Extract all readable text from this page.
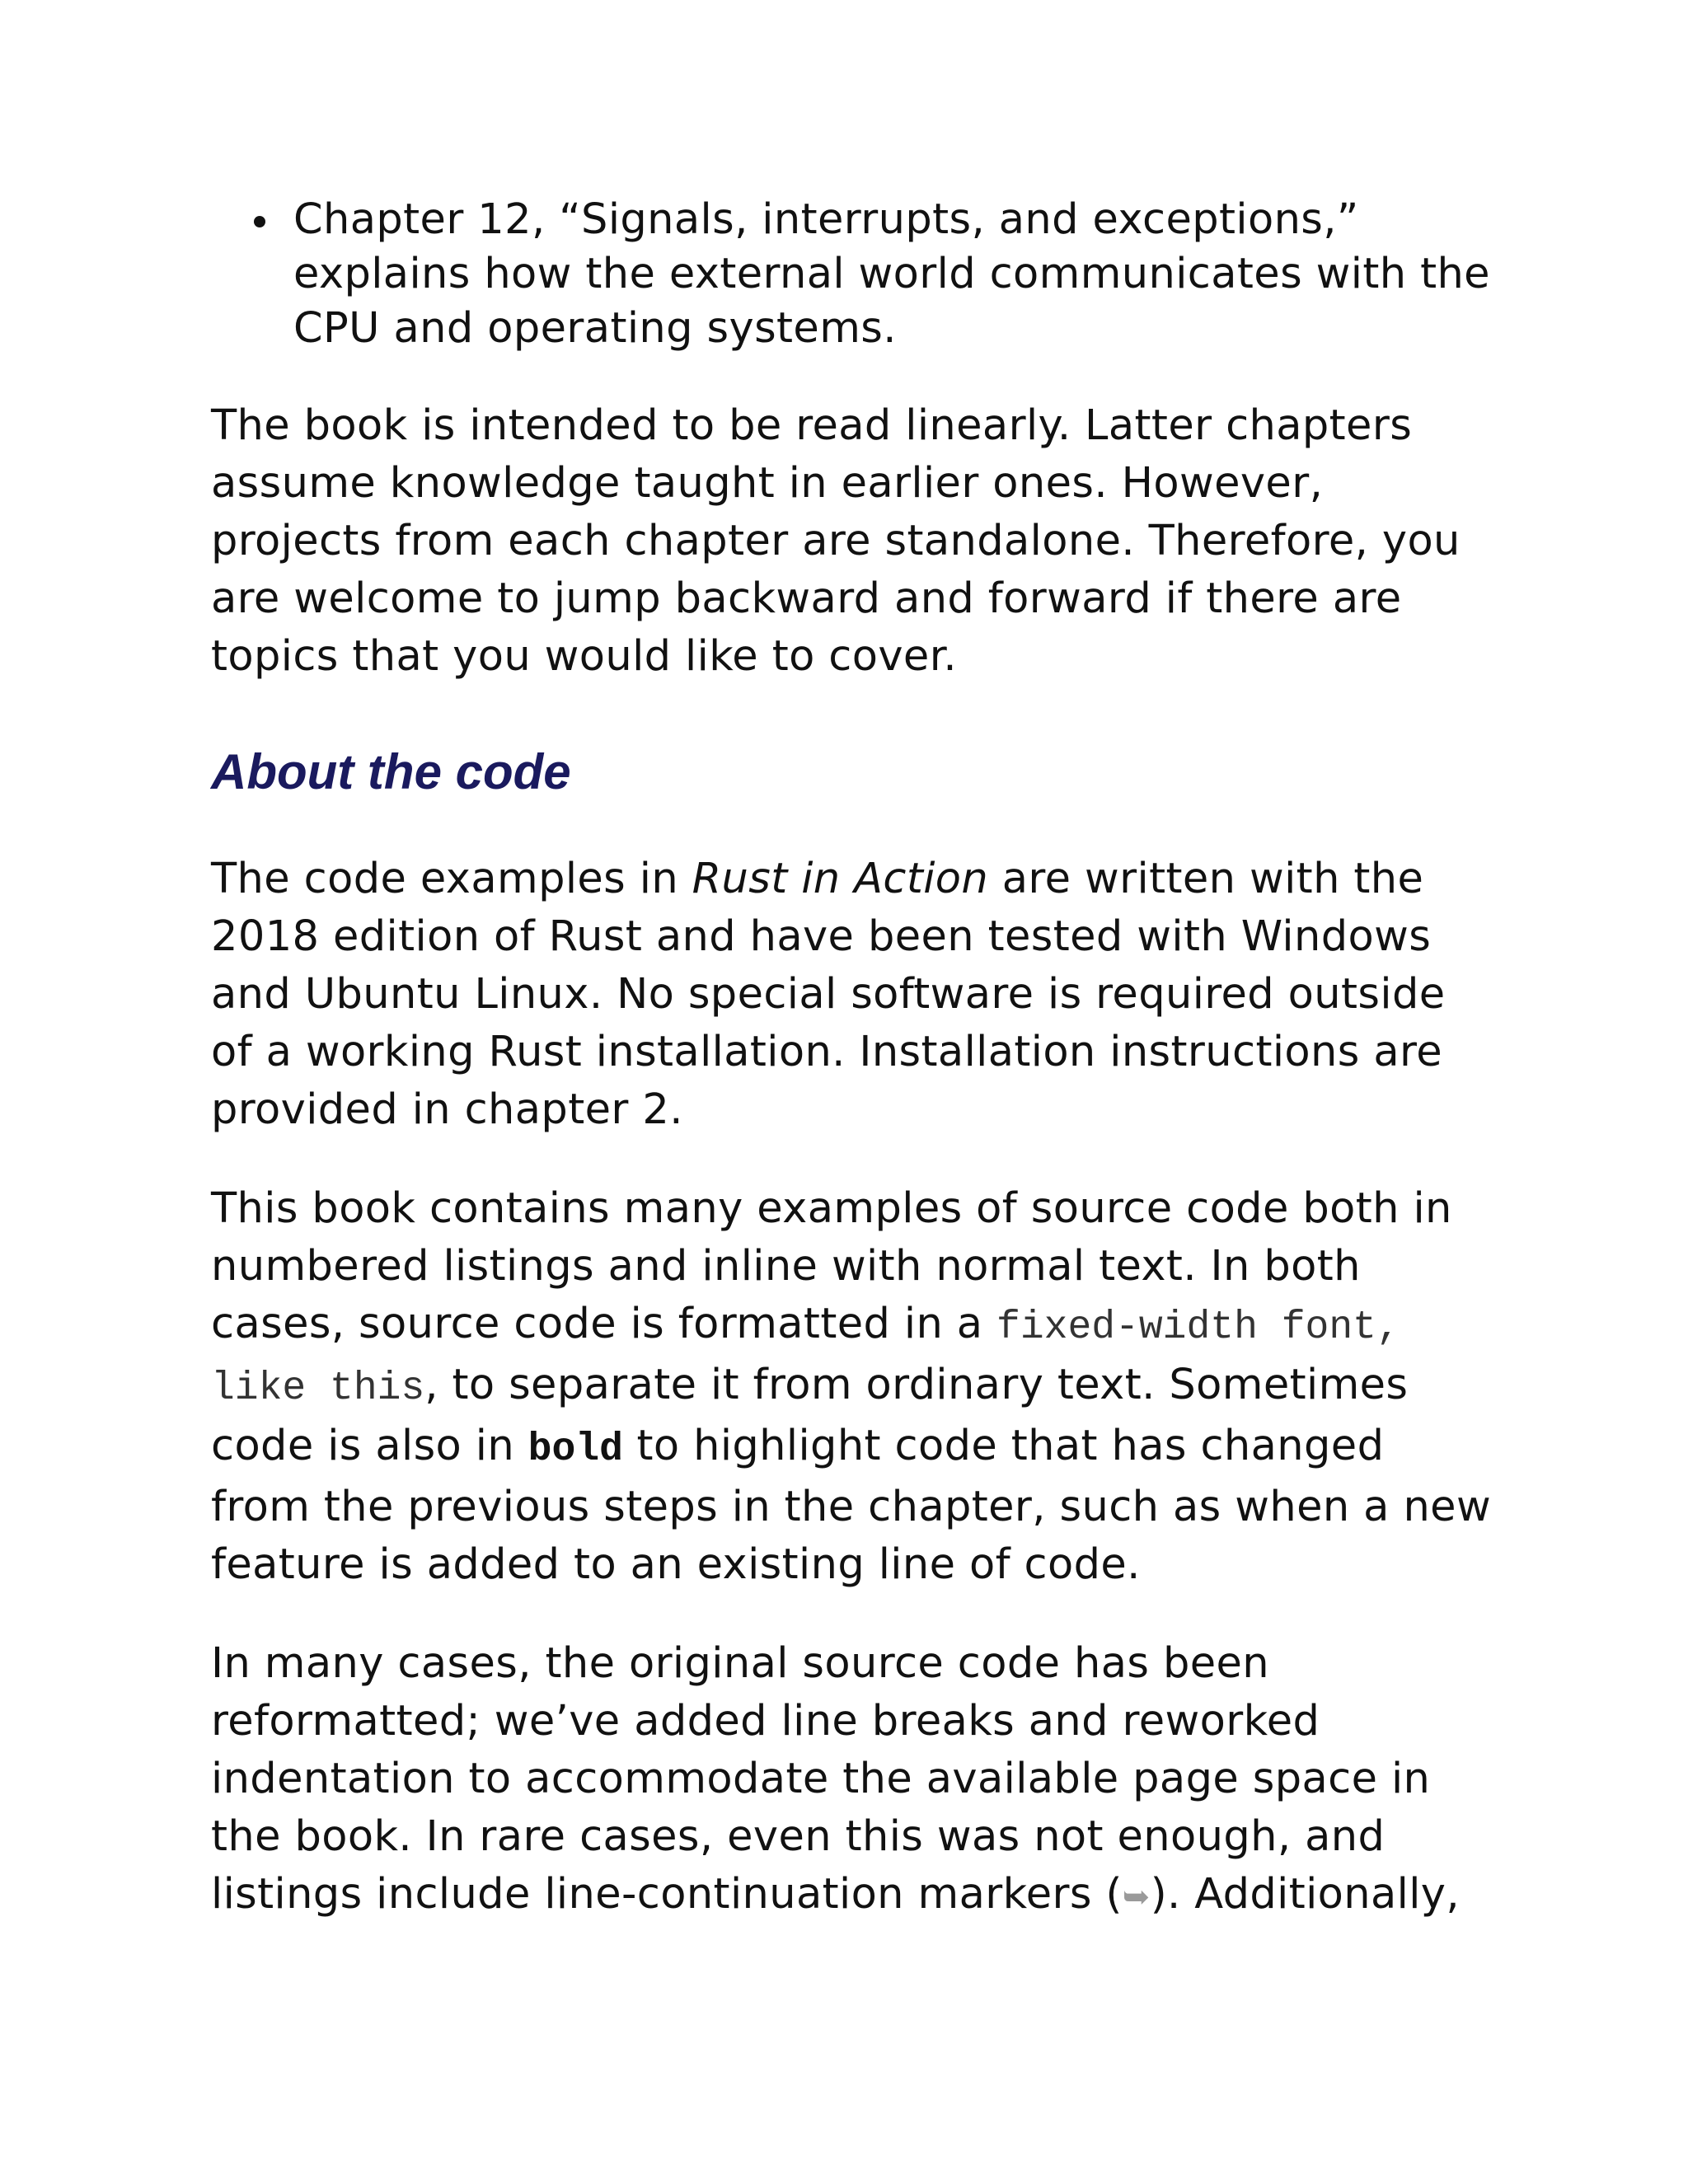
Chapter 12, “Signals, interrupts, and exceptions,” explains how the external world communicates with the CPU and operating systems.

The book is intended to be read linearly. Latter chapters assume knowledge taught in earlier ones. However, projects from each chapter are standalone. Therefore, you are welcome to jump backward and forward if there are topics that you would like to cover.

About the code

The code examples in Rust in Action are written with the 2018 edition of Rust and have been tested with Windows and Ubuntu Linux. No special software is required outside of a working Rust installation. Installation instructions are provided in chapter 2.

This book contains many examples of source code both in numbered listings and inline with normal text. In both cases, source code is formatted in a fixed-width font, like this, to separate it from ordinary text. Sometimes code is also in bold to highlight code that has changed from the previous steps in the chapter, such as when a new feature is added to an existing line of code.

In many cases, the original source code has been reformatted; we’ve added line breaks and reworked indentation to accommodate the available page space in the book. In rare cases, even this was not enough, and listings include line-continuation markers (➥). Additionally,
